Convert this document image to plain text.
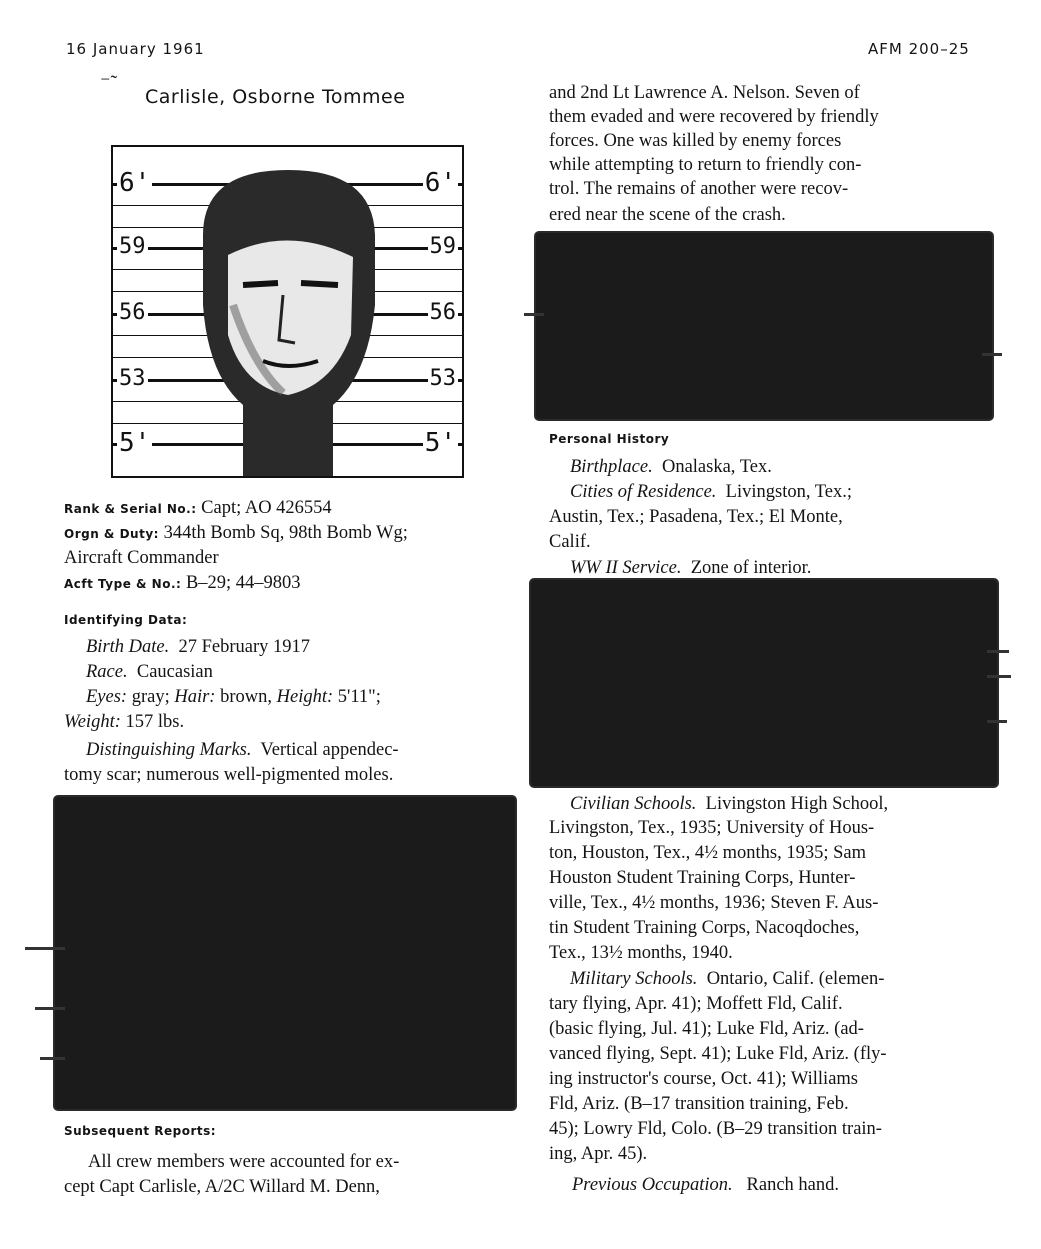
16 January 1961	AFM 200–25
⁻˜
Carlisle, Osborne Tommee
6'
59
56
53
5'
6'
59
56
53
5'
Rank & Serial No.: Capt; AO 426554
Orgn & Duty: 344th Bomb Sq, 98th Bomb Wg;
Aircraft Commander
Acft Type & No.: B–29; 44–9803
Identifying Data:
Birth Date. 27 February 1917
Race. Caucasian
Eyes: gray; Hair: brown, Height: 5'11";
Weight: 157 lbs.
Distinguishing Marks. Vertical appendec-
tomy scar; numerous well-pigmented moles.
Subsequent Reports:
All crew members were accounted for ex-
cept Capt Carlisle, A/2C Willard M. Denn,
and 2nd Lt Lawrence A. Nelson. Seven of
them evaded and were recovered by friendly
forces. One was killed by enemy forces
while attempting to return to friendly con-
trol. The remains of another were recov-
ered near the scene of the crash.
Personal History
Birthplace. Onalaska, Tex.
Cities of Residence. Livingston, Tex.;
Austin, Tex.; Pasadena, Tex.; El Monte,
Calif.
WW II Service. Zone of interior.
Civilian Schools. Livingston High School,
Livingston, Tex., 1935; University of Hous-
ton, Houston, Tex., 4½ months, 1935; Sam
Houston Student Training Corps, Hunter-
ville, Tex., 4½ months, 1936; Steven F. Aus-
tin Student Training Corps, Nacoqdoches,
Tex., 13½ months, 1940.
Military Schools. Ontario, Calif. (elemen-
tary flying, Apr. 41); Moffett Fld, Calif.
(basic flying, Jul. 41); Luke Fld, Ariz. (ad-
vanced flying, Sept. 41); Luke Fld, Ariz. (fly-
ing instructor's course, Oct. 41); Williams
Fld, Ariz. (B–17 transition training, Feb.
45); Lowry Fld, Colo. (B–29 transition train-
ing, Apr. 45).
Previous Occupation. Ranch hand.
